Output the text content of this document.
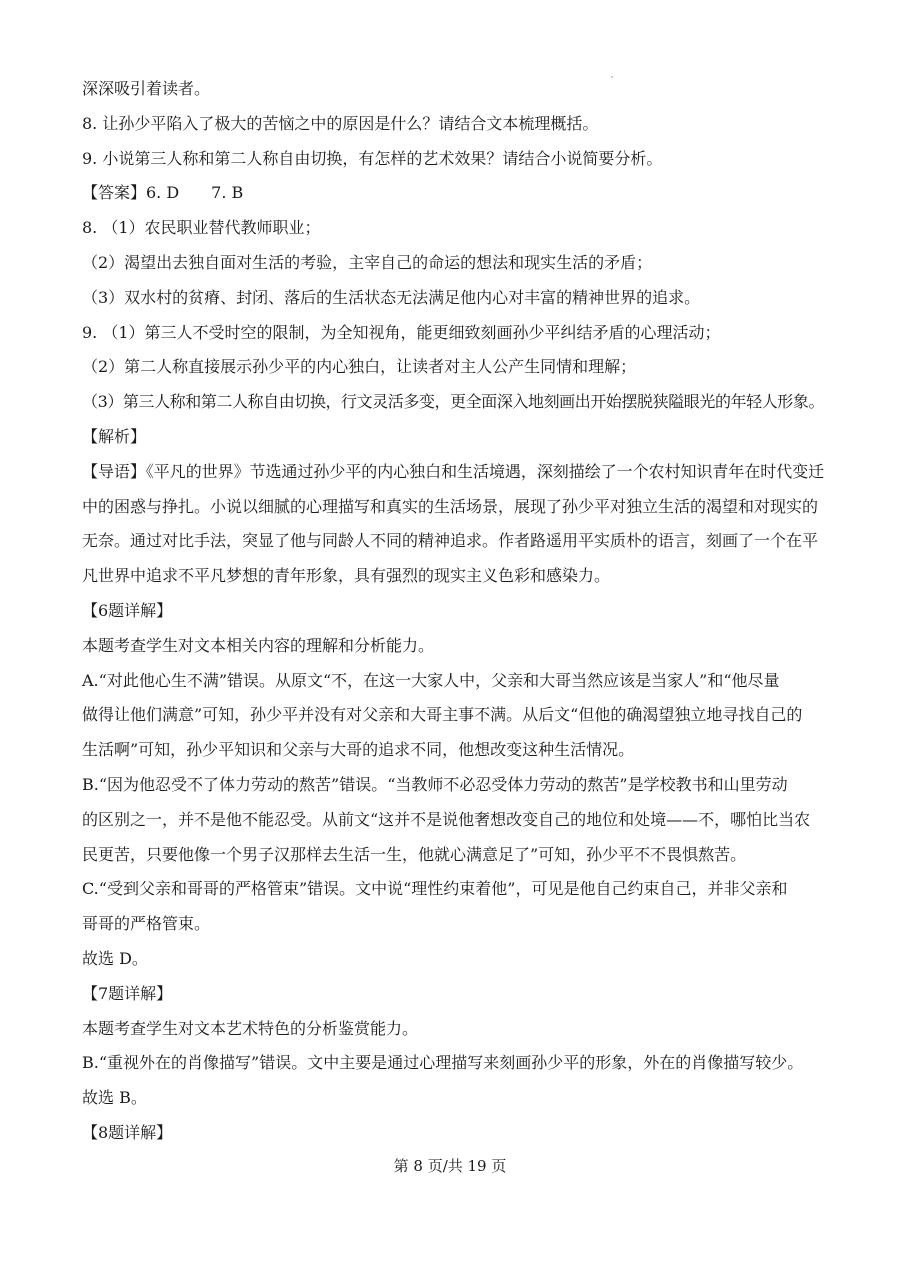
深深吸引着读者。

8. 让孙少平陷入了极大的苦恼之中的原因是什么？请结合文本梳理概括。

9. 小说第三人称和第二人称自由切换，有怎样的艺术效果？请结合小说简要分析。

【答案】6. D　　7. B

8. （1）农民职业替代教师职业；

（2）渴望出去独自面对生活的考验，主宰自己的命运的想法和现实生活的矛盾；

（3）双水村的贫瘠、封闭、落后的生活状态无法满足他内心对丰富的精神世界的追求。

9. （1）第三人不受时空的限制，为全知视角，能更细致刻画孙少平纠结矛盾的心理活动；

（2）第二人称直接展示孙少平的内心独白，让读者对主人公产生同情和理解；

（3）第三人称和第二人称自由切换，行文灵活多变，更全面深入地刻画出开始摆脱狭隘眼光的年轻人形象。

【解析】

【导语】《平凡的世界》节选通过孙少平的内心独白和生活境遇，深刻描绘了一个农村知识青年在时代变迁

中的困惑与挣扎。小说以细腻的心理描写和真实的生活场景，展现了孙少平对独立生活的渴望和对现实的

无奈。通过对比手法，突显了他与同龄人不同的精神追求。作者路遥用平实质朴的语言，刻画了一个在平

凡世界中追求不平凡梦想的青年形象，具有强烈的现实主义色彩和感染力。

【6题详解】

本题考查学生对文本相关内容的理解和分析能力。

A.“对此他心生不满”错误。从原文“不，在这一大家人中，父亲和大哥当然应该是当家人”和“他尽量

做得让他们满意”可知，孙少平并没有对父亲和大哥主事不满。从后文“但他的确渴望独立地寻找自己的

生活啊”可知，孙少平知识和父亲与大哥的追求不同，他想改变这种生活情况。

B.“因为他忍受不了体力劳动的熬苦”错误。“当教师不必忍受体力劳动的熬苦”是学校教书和山里劳动

的区别之一，并不是他不能忍受。从前文“这并不是说他奢想改变自己的地位和处境——不，哪怕比当农

民更苦，只要他像一个男子汉那样去生活一生，他就心满意足了”可知，孙少平不不畏惧熬苦。

C.“受到父亲和哥哥的严格管束”错误。文中说“理性约束着他”，可见是他自己约束自己，并非父亲和

哥哥的严格管束。

故选 D。

【7题详解】

本题考查学生对文本艺术特色的分析鉴赏能力。

B.“重视外在的肖像描写”错误。文中主要是通过心理描写来刻画孙少平的形象，外在的肖像描写较少。

故选 B。

【8题详解】

第 8 页/共 19 页
